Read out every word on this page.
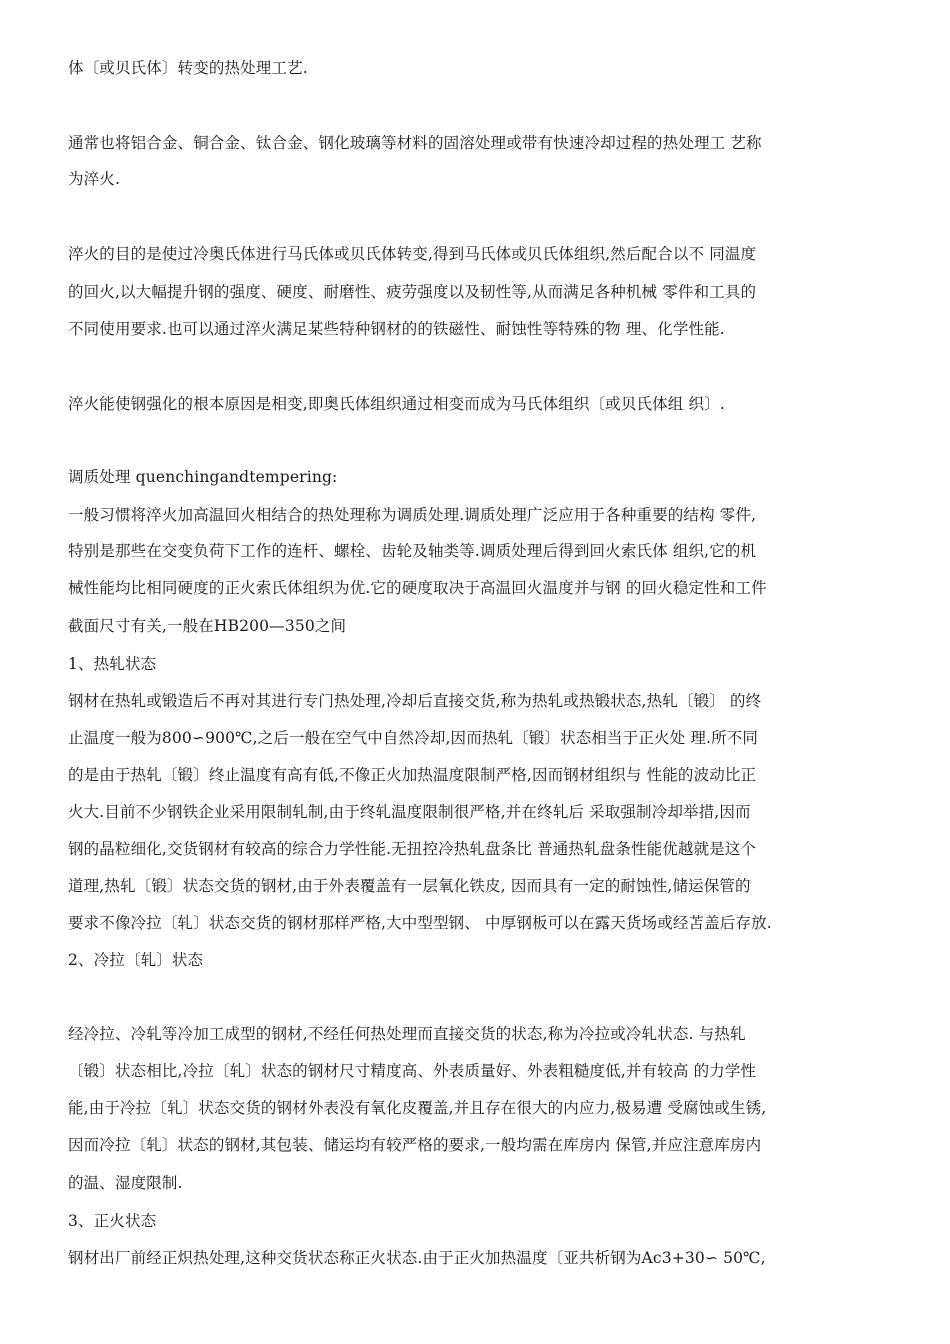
体〔或贝氏体〕转变的热处理工艺.
通常也将铝合金、铜合金、钛合金、钢化玻璃等材料的固溶处理或带有快速冷却过程的热处理工 艺称
为淬火.
淬火的目的是使过冷奥氏体进行马氏体或贝氏体转变,得到马氏体或贝氏体组织,然后配合以不 同温度
的回火,以大幅提升钢的强度、硬度、耐磨性、疲劳强度以及韧性等,从而满足各种机械 零件和工具的
不同使用要求.也可以通过淬火满足某些特种钢材的的铁磁性、耐蚀性等特殊的物 理、化学性能.
淬火能使钢强化的根本原因是相变,即奥氏体组织通过相变而成为马氏体组织〔或贝氏体组 织〕.
调质处理 quenchingandtempering:
一般习惯将淬火加高温回火相结合的热处理称为调质处理.调质处理广泛应用于各种重要的结构 零件,
特别是那些在交变负荷下工作的连杆、螺栓、齿轮及轴类等.调质处理后得到回火索氏体 组织,它的机
械性能均比相同硬度的正火索氏体组织为优.它的硬度取决于高温回火温度并与钢 的回火稳定性和工件
截面尺寸有关,一般在HB200—350之间
1、热轧状态
钢材在热轧或锻造后不再对其进行专门热处理,冷却后直接交货,称为热轧或热锻状态,热轧〔锻〕 的终
止温度一般为800∽900℃,之后一般在空气中自然冷却,因而热轧〔锻〕状态相当于正火处 理.所不同
的是由于热轧〔锻〕终止温度有高有低,不像正火加热温度限制严格,因而钢材组织与 性能的波动比正
火大.目前不少钢铁企业采用限制轧制,由于终轧温度限制很严格,并在终轧后 采取强制冷却举措,因而
钢的晶粒细化,交货钢材有较高的综合力学性能.无扭控冷热轧盘条比 普通热轧盘条性能优越就是这个
道理,热轧〔锻〕状态交货的钢材,由于外表覆盖有一层氧化铁皮, 因而具有一定的耐蚀性,储运保管的
要求不像冷拉〔轧〕状态交货的钢材那样严格,大中型型钢、 中厚钢板可以在露天货场或经苫盖后存放.
2、冷拉〔轧〕状态
经冷拉、冷轧等冷加工成型的钢材,不经任何热处理而直接交货的状态,称为冷拉或冷轧状态. 与热轧
〔锻〕状态相比,冷拉〔轧〕状态的钢材尺寸精度高、外表质量好、外表粗糙度低,并有较高 的力学性
能,由于冷拉〔轧〕状态交货的钢材外表没有氧化皮覆盖,并且存在很大的内应力,极易遭 受腐蚀或生锈,
因而冷拉〔轧〕状态的钢材,其包装、储运均有较严格的要求,一般均需在库房内 保管,并应注意库房内
的温、湿度限制.
3、正火状态
钢材出厂前经正炽热处理,这种交货状态称正火状态.由于正火加热温度〔亚共析钢为Ac3+30∽ 50℃,
